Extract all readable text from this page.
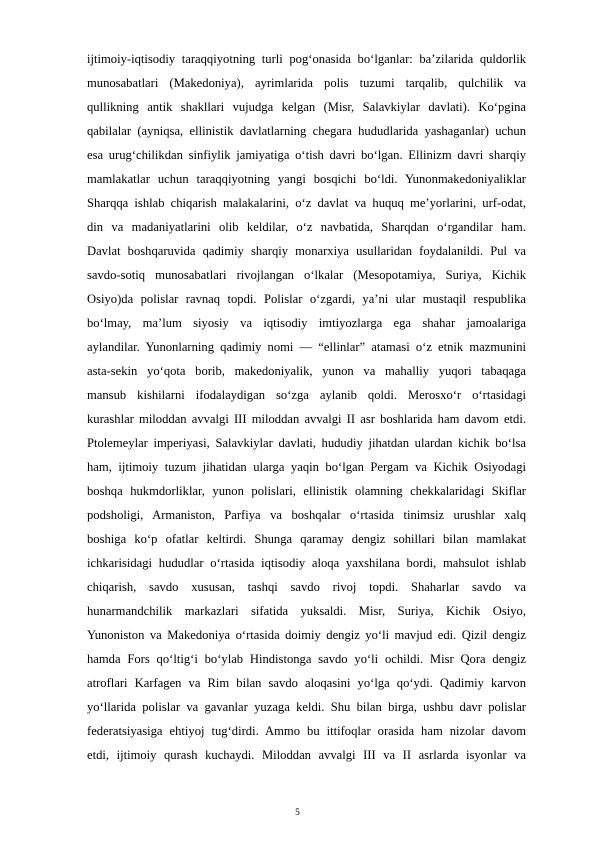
ijtimoiy-iqtisodiy taraqqiyotning turli pogʻonasida boʻlganlar: baʼzilarida quldorlik
munosabatlari (Makedoniya), ayrimlarida polis tuzumi tarqalib, qulchilik va
qullikning antik shakllari vujudga kelgan (Misr, Salavkiylar davlati). Koʻpgina
qabilalar (ayniqsa, ellinistik davlatlarning chegara hududlarida yashaganlar) uchun
esa urugʻchilikdan sinfiylik jamiyatiga oʻtish davri boʻlgan. Ellinizm davri sharqiy
mamlakatlar uchun taraqqiyotning yangi bosqichi boʻldi. Yunonmakedoniyaliklar
Sharqqa ishlab chiqarish malakalarini, oʻz davlat va huquq meʼyorlarini, urf-odat,
din va madaniyatlarini olib keldilar, oʻz navbatida, Sharqdan oʻrgandilar ham.
Davlat boshqaruvida qadimiy sharqiy monarxiya usullaridan foydalanildi. Pul va
savdo-sotiq munosabatlari rivojlangan oʻlkalar (Mesopotamiya, Suriya, Kichik
Osiyo)da polislar ravnaq topdi. Polislar oʻzgardi, yaʼni ular mustaqil respublika
boʻlmay, maʼlum siyosiy va iqtisodiy imtiyozlarga ega shahar jamoalariga
aylandilar. Yunonlarning qadimiy nomi — “ellinlar” atamasi oʻz etnik mazmunini
asta-sekin yoʻqota borib, makedoniyalik, yunon va mahalliy yuqori tabaqaga
mansub kishilarni ifodalaydigan soʻzga aylanib qoldi. Merosxoʻr oʻrtasidagi
kurashlar miloddan avvalgi III miloddan avvalgi II asr boshlarida ham davom etdi.
Ptolemeylar imperiyasi, Salavkiylar davlati, hududiy jihatdan ulardan kichik boʻlsa
ham, ijtimoiy tuzum jihatidan ularga yaqin boʻlgan Pergam va Kichik Osiyodagi
boshqa hukmdorliklar, yunon polislari, ellinistik olamning chekkalaridagi Skiflar
podsholigi, Armaniston, Parfiya va boshqalar oʻrtasida tinimsiz urushlar xalq
boshiga koʻp ofatlar keltirdi. Shunga qaramay dengiz sohillari bilan mamlakat
ichkarisidagi hududlar oʻrtasida iqtisodiy aloqa yaxshilana bordi, mahsulot ishlab
chiqarish, savdo xususan, tashqi savdo rivoj topdi. Shaharlar savdo va
hunarmandchilik markazlari sifatida yuksaldi. Misr, Suriya, Kichik Osiyo,
Yunoniston va Makedoniya oʻrtasida doimiy dengiz yoʻli mavjud edi. Qizil dengiz
hamda Fors qoʻltigʻi boʻylab Hindistonga savdo yoʻli ochildi. Misr Qora dengiz
atroflari Karfagen va Rim bilan savdo aloqasini yoʻlga qoʻydi. Qadimiy karvon
yoʻllarida polislar va gavanlar yuzaga keldi. Shu bilan birga, ushbu davr polislar
federatsiyasiga ehtiyoj tugʻdirdi. Ammo bu ittifoqlar orasida ham nizolar davom
etdi, ijtimoiy qurash kuchaydi. Miloddan avvalgi III va II asrlarda isyonlar va
5
